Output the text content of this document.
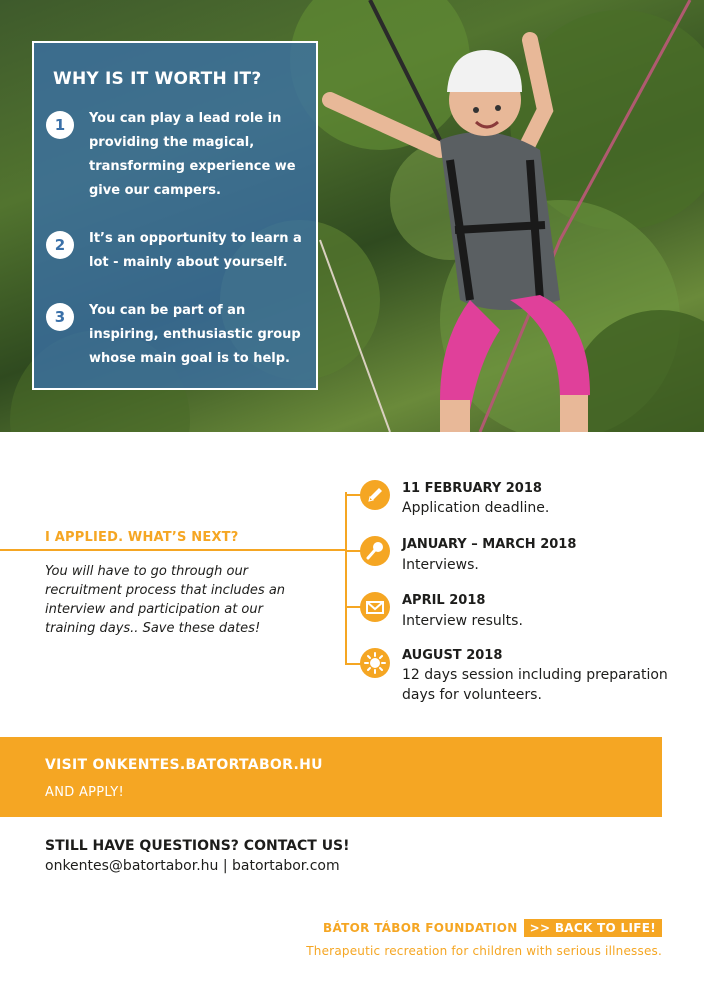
WHY IS IT WORTH IT?
1	You can play a lead role in providing the magical, transforming experience we give our campers.
2	It’s an opportunity to learn a lot - mainly about yourself.
3	You can be part of an inspiring, enthusiastic group whose main goal is to help.
I APPLIED. WHAT’S NEXT?
You will have to go through our recruitment process that includes an interview and participation at our training days.. Save these dates!
11 FEBRUARY 2018
Application deadline.
JANUARY – MARCH 2018
Interviews.
APRIL 2018
Interview results.
AUGUST 2018
12 days session including preparation days for volunteers.
VISIT ONKENTES.BATORTABOR.HU
AND APPLY!
STILL HAVE QUESTIONS? CONTACT US!
onkentes@batortabor.hu | batortabor.com
BÁTOR TÁBOR FOUNDATION	>> BACK TO LIFE!
Therapeutic recreation for children with serious illnesses.
